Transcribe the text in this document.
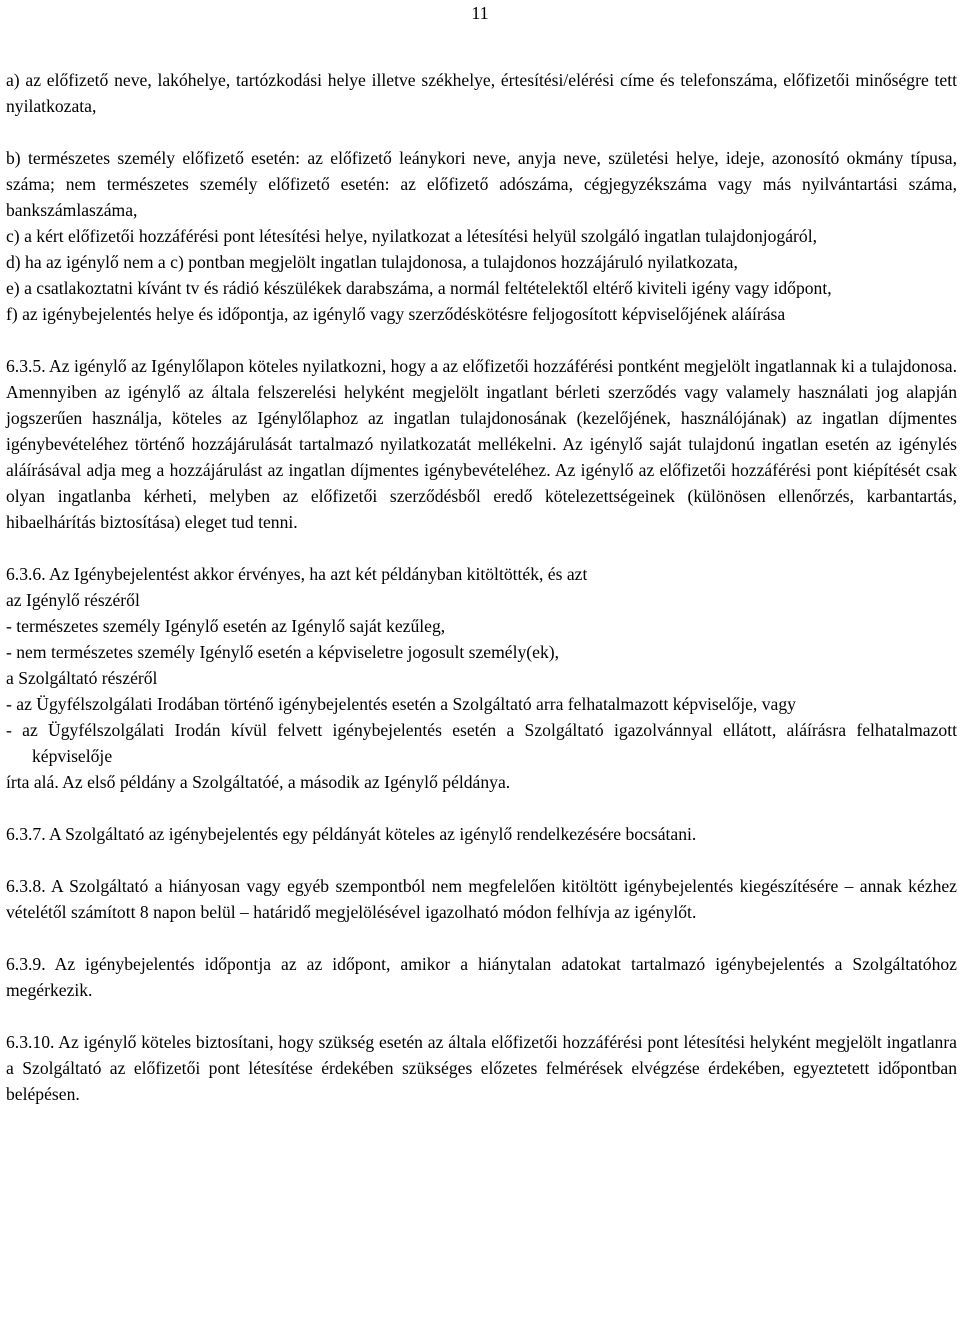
11

a) az előfizető neve, lakóhelye, tartózkodási helye illetve székhelye, értesítési/elérési címe és telefonszáma, előfizetői minőségre tett nyilatkozata,

b) természetes személy előfizető esetén: az előfizető leánykori neve, anyja neve, születési helye, ideje, azonosító okmány típusa, száma; nem természetes személy előfizető esetén: az előfizető adószáma, cégjegyzékszáma vagy más nyilvántartási száma, bankszámlaszáma,

c) a kért előfizetői hozzáférési pont létesítési helye, nyilatkozat a létesítési helyül szolgáló ingatlan tulajdonjogáról,

d) ha az igénylő nem a c) pontban megjelölt ingatlan tulajdonosa, a tulajdonos hozzájáruló nyilatkozata,

e) a csatlakoztatni kívánt tv és rádió készülékek darabszáma, a normál feltételektől eltérő kiviteli igény vagy időpont,

f) az igénybejelentés helye és időpontja, az igénylő vagy szerződéskötésre feljogosított képviselőjének aláírása

6.3.5. Az igénylő az Igénylőlapon köteles nyilatkozni, hogy a az előfizetői hozzáférési pontként megjelölt ingatlannak ki a tulajdonosa. Amennyiben az igénylő az általa felszerelési helyként megjelölt ingatlant bérleti szerződés vagy valamely használati jog alapján jogszerűen használja, köteles az Igénylőlaphoz az ingatlan tulajdonosának (kezelőjének, használójának) az ingatlan díjmentes igénybevételéhez történő hozzájárulását tartalmazó nyilatkozatát mellékelni. Az igénylő saját tulajdonú ingatlan esetén az igénylés aláírásával adja meg a hozzájárulást az ingatlan díjmentes igénybevételéhez. Az igénylő az előfizetői hozzáférési pont kiépítését csak olyan ingatlanba kérheti, melyben az előfizetői szerződésből eredő kötelezettségeinek (különösen ellenőrzés, karbantartás, hibaelhárítás biztosítása) eleget tud tenni.

6.3.6. Az Igénybejelentést akkor érvényes, ha azt két példányban kitöltötték, és azt

az Igénylő részéről

- természetes személy Igénylő esetén az Igénylő saját kezűleg,

- nem természetes személy Igénylő esetén a képviseletre jogosult személy(ek),

a Szolgáltató részéről

- az Ügyfélszolgálati Irodában történő igénybejelentés esetén a Szolgáltató arra felhatalmazott képviselője, vagy

- az Ügyfélszolgálati Irodán kívül felvett igénybejelentés esetén a Szolgáltató igazolvánnyal ellátott, aláírásra felhatalmazott képviselője

írta alá. Az első példány a Szolgáltatóé, a második az Igénylő példánya.

6.3.7. A Szolgáltató az igénybejelentés egy példányát köteles az igénylő rendelkezésére bocsátani.

6.3.8. A Szolgáltató a hiányosan vagy egyéb szempontból nem megfelelően kitöltött igénybejelentés kiegészítésére – annak kézhez vételétől számított 8 napon belül – határidő megjelölésével igazolható módon felhívja az igénylőt.

6.3.9. Az igénybejelentés időpontja az az időpont, amikor a hiánytalan adatokat tartalmazó igénybejelentés a Szolgáltatóhoz megérkezik.

6.3.10. Az igénylő köteles biztosítani, hogy szükség esetén az általa előfizetői hozzáférési pont létesítési helyként megjelölt ingatlanra a Szolgáltató az előfizetői pont létesítése érdekében szükséges előzetes felmérések elvégzése érdekében, egyeztetett időpontban belépésen.
